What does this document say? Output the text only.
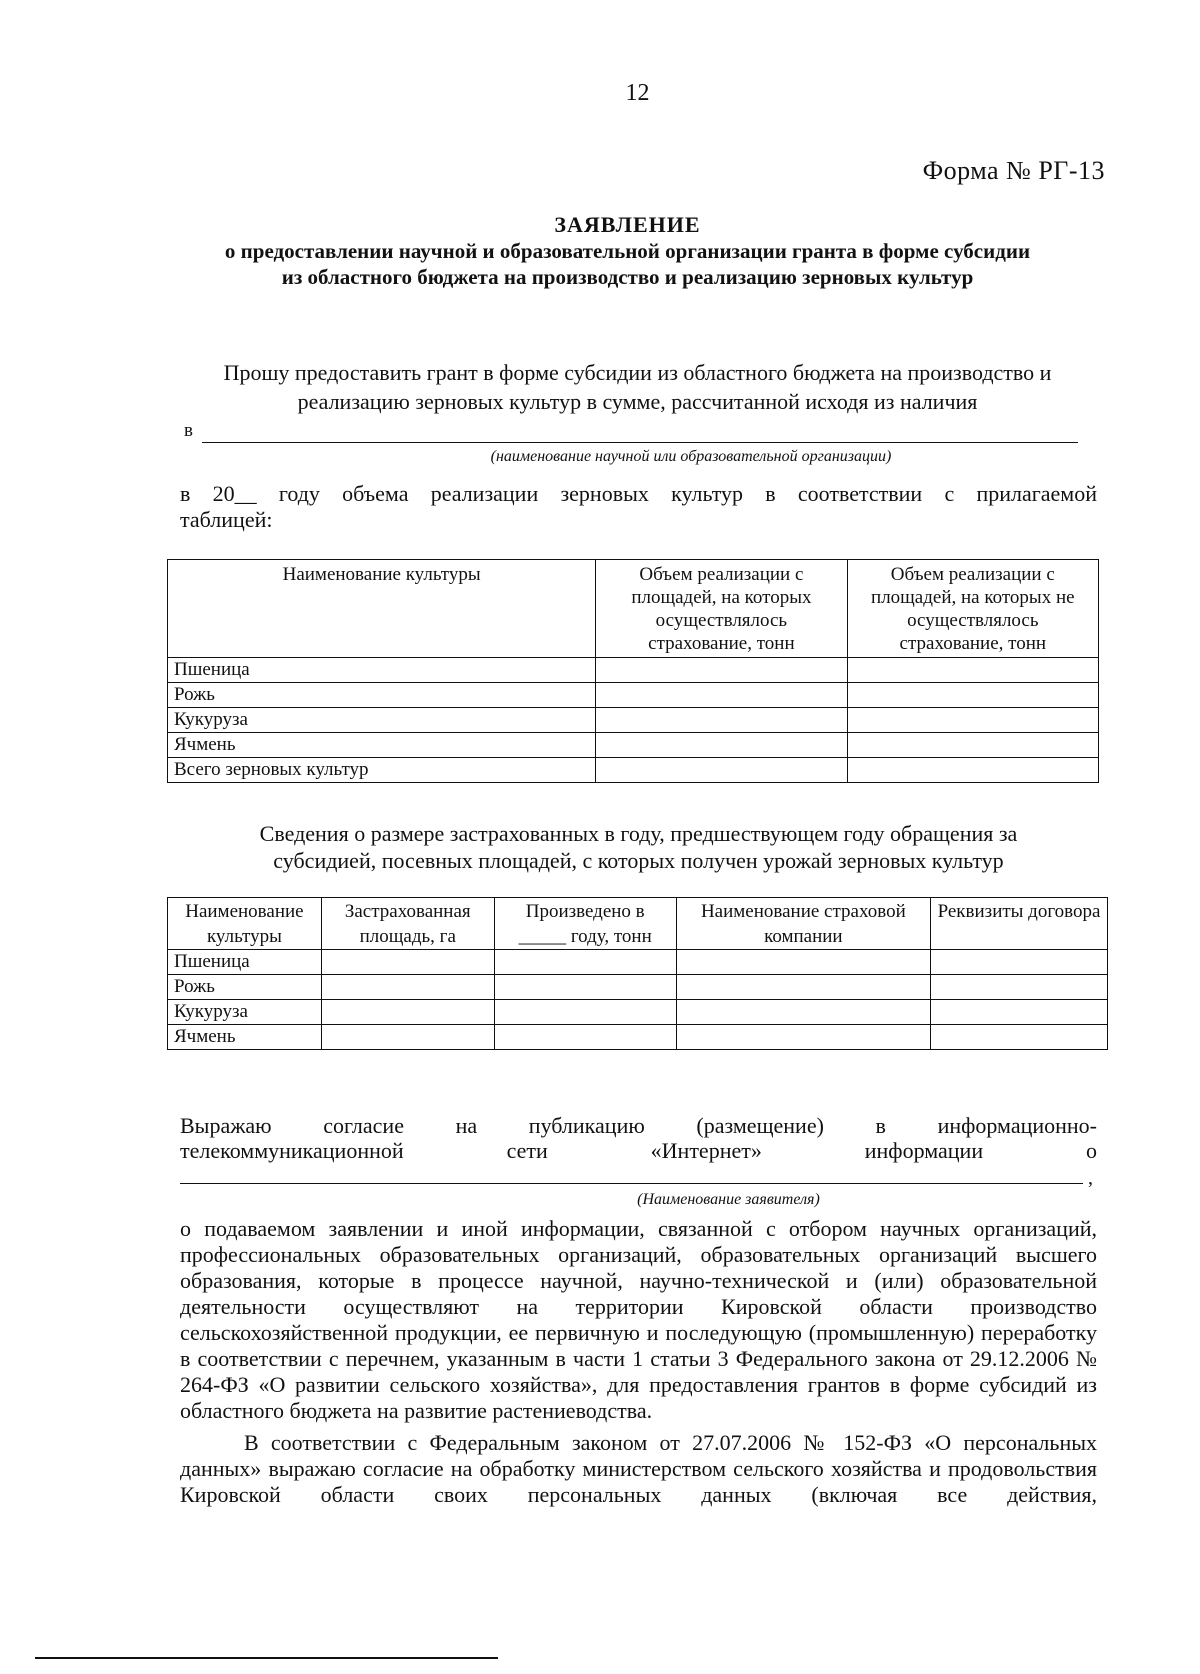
12
Форма № РГ-13
ЗАЯВЛЕНИЕ
о предоставлении научной и образовательной организации гранта в форме субсидии
из областного бюджета на производство и реализацию зерновых культур
Прошу предоставить грант в форме субсидии из областного бюджета на производство и
реализацию зерновых культур в сумме, рассчитанной исходя из наличия
в
(наименование научной или образовательной организации)
в 20__ году объема реализации зерновых культур в соответствии с прилагаемой
таблицей:
Наименование культуры	Объем реализации с площадей, на которых осуществлялось страхование, тонн	Объем реализации с площадей, на которых не осуществлялось страхование, тонн
Пшеница		
Рожь		
Кукуруза		
Ячмень		
Всего зерновых культур		
Сведения о размере застрахованных в году, предшествующем году обращения за
субсидией, посевных площадей, с которых получен урожай зерновых культур
Наименование культуры	Застрахованная площадь, га	Произведено в _____ году, тонн	Наименование страховой компании	Реквизиты договора
Пшеница				
Рожь				
Кукуруза				
Ячмень				
Выражаю согласие на публикацию (размещение) в информационно-
телекоммуникационной сети «Интернет» информации о
,
(Наименование заявителя)

о подаваемом заявлении и иной информации, связанной с отбором научных организаций, профессиональных образовательных организаций, образовательных организаций высшего образования, которые в процессе научной, научно-технической и (или) образовательной деятельности осуществляют на территории Кировской области производство сельскохозяйственной продукции, ее первичную и последующую (промышленную) переработку в соответствии с перечнем, указанным в части 1 статьи 3 Федерального закона от 29.12.2006 № 264-ФЗ «О развитии сельского хозяйства», для предоставления грантов в форме субсидий из областного бюджета на развитие растениеводства.

В соответствии с Федеральным законом от 27.07.2006 № 152-ФЗ «О персональных данных» выражаю согласие на обработку министерством сельского хозяйства и продовольствия Кировской области своих персональных данных (включая все действия,
